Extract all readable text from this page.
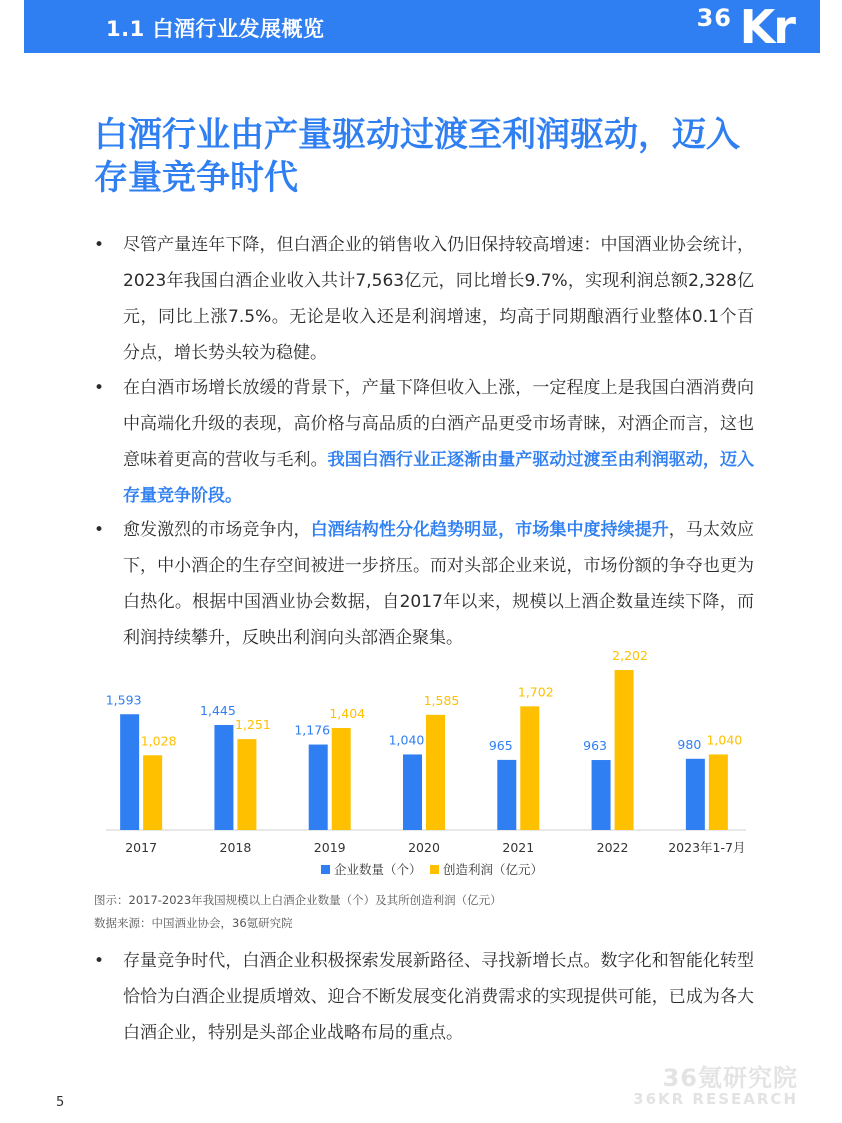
1.1 白酒行业发展概览	36 Kr
白酒行业由产量驱动过渡至利润驱动，迈入存量竞争时代
• 尽管产量连年下降，但白酒企业的销售收入仍旧保持较高增速：中国酒业协会统计，2023年我国白酒企业收入共计7,563亿元，同比增长9.7%，实现利润总额2,328亿元，同比上涨7.5%。无论是收入还是利润增速，均高于同期酿酒行业整体0.1个百分点，增长势头较为稳健。
• 在白酒市场增长放缓的背景下，产量下降但收入上涨，一定程度上是我国白酒消费向中高端化升级的表现，高价格与高品质的白酒产品更受市场青睐，对酒企而言，这也意味着更高的营收与毛利。我国白酒行业正逐渐由量产驱动过渡至由利润驱动，迈入存量竞争阶段。
• 愈发激烈的市场竞争内，白酒结构性分化趋势明显，市场集中度持续提升，马太效应下，中小酒企的生存空间被进一步挤压。而对头部企业来说，市场份额的争夺也更为白热化。根据中国酒业协会数据，自2017年以来，规模以上酒企数量连续下降，而利润持续攀升，反映出利润向头部酒企聚集。
1,593
1,028
2017
1,445
1,251
2018
1,176
1,404
2019
1,040
1,585
2020
965
1,702
2021
963
2,202
2022
980 1,040
2023年1-7月
企业数量（个） 创造利润（亿元）
图示：2017-2023年我国规模以上白酒企业数量（个）及其所创造利润（亿元）
数据来源：中国酒业协会，36氪研究院
• 存量竞争时代，白酒企业积极探索发展新路径、寻找新增长点。数字化和智能化转型恰恰为白酒企业提质增效、迎合不断发展变化消费需求的实现提供可能，已成为各大白酒企业，特别是头部企业战略布局的重点。
5
36氪研究院
36KR RESEARCH
